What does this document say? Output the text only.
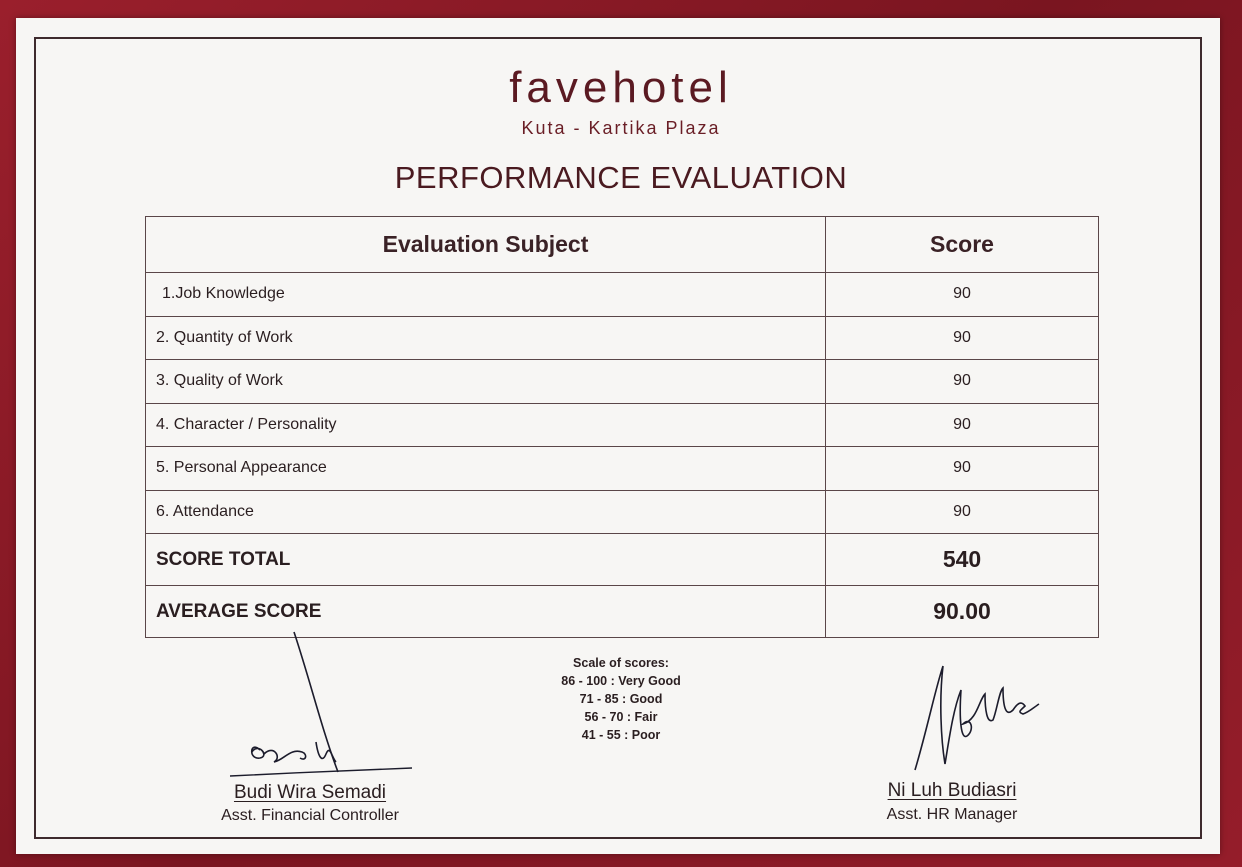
favehotel
Kuta - Kartika Plaza
PERFORMANCE EVALUATION
Evaluation Subject	Score
1.Job Knowledge	90
2. Quantity of Work	90
3. Quality of Work	90
4. Character / Personality	90
5. Personal Appearance	90
6. Attendance	90
SCORE TOTAL	540
AVERAGE SCORE	90.00
Scale of scores:
86 - 100 : Very Good
71 - 85 : Good
56 - 70 : Fair
41 - 55 : Poor
Budi Wira Semadi
Asst. Financial Controller
Ni Luh Budiasri
Asst. HR Manager
